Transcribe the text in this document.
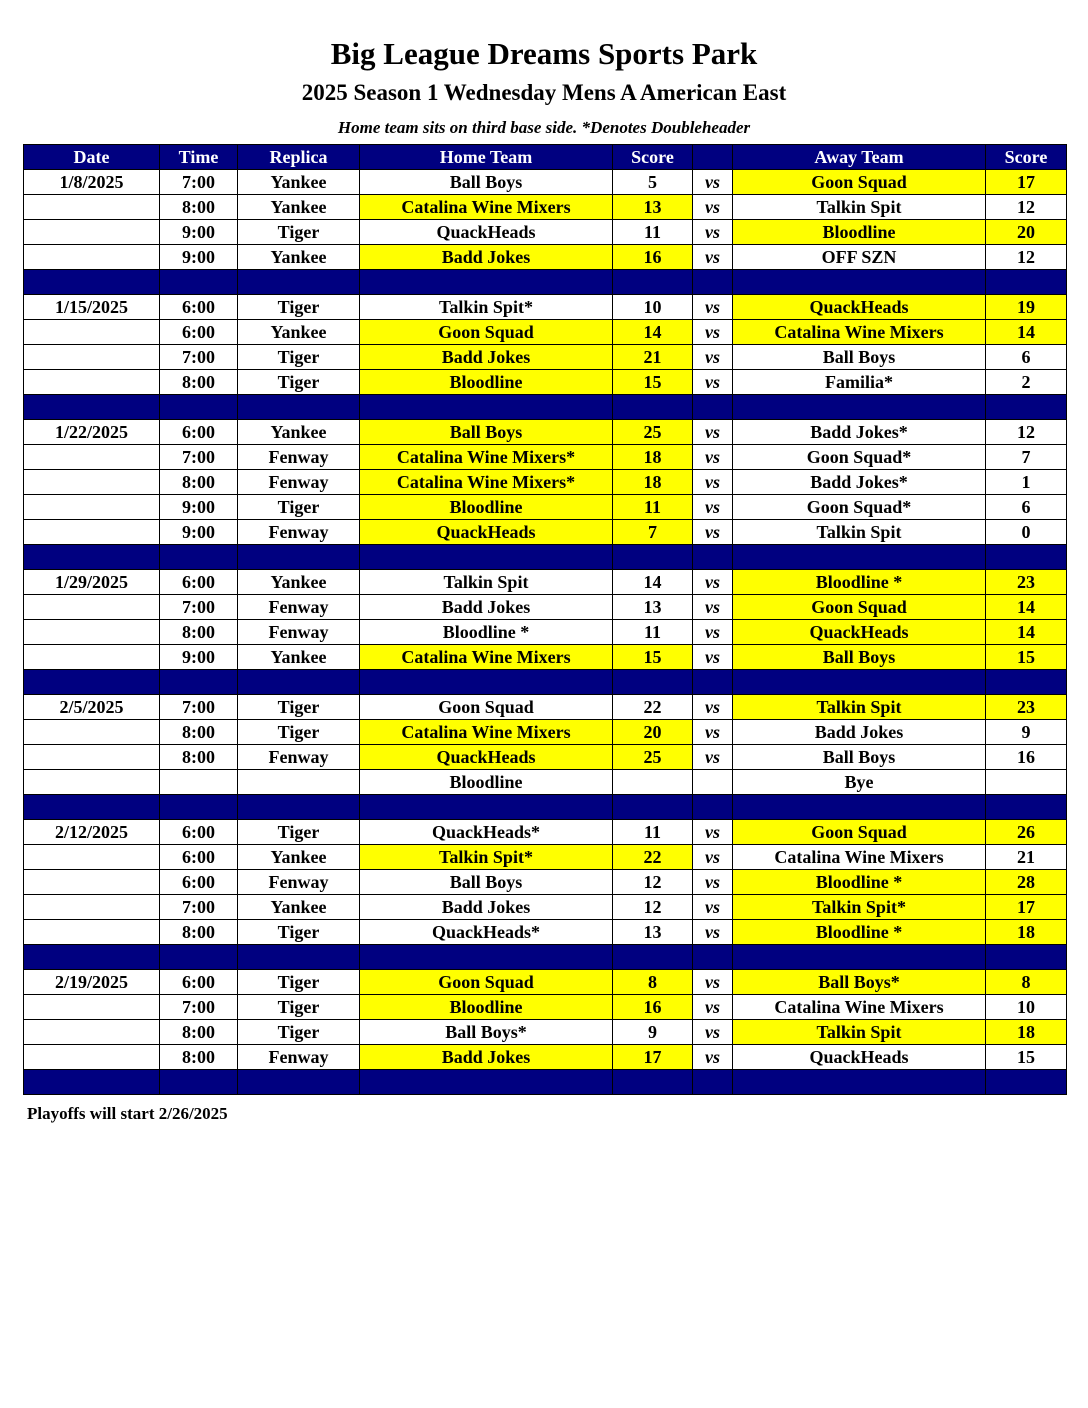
Big League Dreams Sports Park
2025 Season 1 Wednesday Mens A American East
Home team sits on third base side. *Denotes Doubleheader
Date	Time	Replica	Home Team	Score		Away Team	Score
1/8/2025	7:00	Yankee	Ball Boys	5	vs	Goon Squad	17
	8:00	Yankee	Catalina Wine Mixers	13	vs	Talkin Spit	12
	9:00	Tiger	QuackHeads	11	vs	Bloodline	20
	9:00	Yankee	Badd Jokes	16	vs	OFF SZN	12

1/15/2025	6:00	Tiger	Talkin Spit*	10	vs	QuackHeads	19
	6:00	Yankee	Goon Squad	14	vs	Catalina Wine Mixers	14
	7:00	Tiger	Badd Jokes	21	vs	Ball Boys	6
	8:00	Tiger	Bloodline	15	vs	Familia*	2

1/22/2025	6:00	Yankee	Ball Boys	25	vs	Badd Jokes*	12
	7:00	Fenway	Catalina Wine Mixers*	18	vs	Goon Squad*	7
	8:00	Fenway	Catalina Wine Mixers*	18	vs	Badd Jokes*	1
	9:00	Tiger	Bloodline	11	vs	Goon Squad*	6
	9:00	Fenway	QuackHeads	7	vs	Talkin Spit	0

1/29/2025	6:00	Yankee	Talkin Spit	14	vs	Bloodline *	23
	7:00	Fenway	Badd Jokes	13	vs	Goon Squad	14
	8:00	Fenway	Bloodline *	11	vs	QuackHeads	14
	9:00	Yankee	Catalina Wine Mixers	15	vs	Ball Boys	15

2/5/2025	7:00	Tiger	Goon Squad	22	vs	Talkin Spit	23
	8:00	Tiger	Catalina Wine Mixers	20	vs	Badd Jokes	9
	8:00	Fenway	QuackHeads	25	vs	Ball Boys	16
			Bloodline			Bye	

2/12/2025	6:00	Tiger	QuackHeads*	11	vs	Goon Squad	26
	6:00	Yankee	Talkin Spit*	22	vs	Catalina Wine Mixers	21
	6:00	Fenway	Ball Boys	12	vs	Bloodline *	28
	7:00	Yankee	Badd Jokes	12	vs	Talkin Spit*	17
	8:00	Tiger	QuackHeads*	13	vs	Bloodline *	18

2/19/2025	6:00	Tiger	Goon Squad	8	vs	Ball Boys*	8
	7:00	Tiger	Bloodline	16	vs	Catalina Wine Mixers	10
	8:00	Tiger	Ball Boys*	9	vs	Talkin Spit	18
	8:00	Fenway	Badd Jokes	17	vs	QuackHeads	15

Playoffs will start 2/26/2025
